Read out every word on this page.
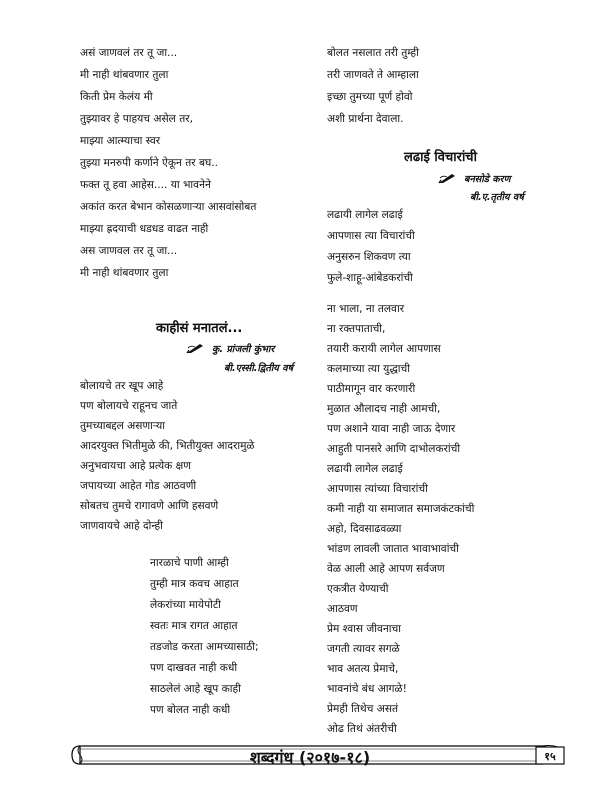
असं जाणवलं तर तू जा...
मी नाही थांबवणार तुला
किती प्रेम केलंय मी
तुझ्यावर हे पाहयच असेल तर,
माझ्या आत्म्याचा स्वर
तुझ्या मनरुपी कर्णाने ऐकून तर बघ..
फक्त तू हवा आहेस.... या भावनेने
अकांत करत बेभान कोसळणाऱ्या आसवांसोबत
माझ्या ह्रदयाची धडधड वाढत नाही
अस जाणवल तर तू जा...
मी नाही थांबवणार तुला
काहीसं मनातलं...
कु. प्रांजली कुंभार
बी.एस्सी.द्वितीय वर्ष
बोलायचे तर खूप आहे
पण बोलायचे राहूनच जाते
तुमच्याबद्दल असणाऱ्या
आदरयुक्त भितीमुळे की, भितीयुक्त आदरामुळे
अनुभवायचा आहे प्रत्येक क्षण
जपायच्या आहेत गोड आठवणी
सोबतच तुमचे रागावणे आणि हसवणे
जाणवायचे आहे दोन्ही
नारळाचे पाणी आम्ही
तुम्ही मात्र कवच आहात
लेकरांच्या मायेपोटी
स्वतः मात्र रागत आहात
तडजोड करता आमच्यासाठी;
पण दाखवत नाही कधी
साठलेलं आहे खूप काही
पण बोलत नाही कधी
बोलत नसलात तरी तुम्ही
तरी जाणवते ते आम्हाला
इच्छा तुमच्या पूर्ण होवो
अशी प्रार्थना देवाला.
लढाई विचारांची
बनसोडे करण
बी.ए.तृतीय वर्ष
लढायी लागेल लढाई
आपणास त्या विचारांची
अनुसरुन शिकवण त्या
फुले-शाहू-आंबेडकरांची
ना भाला, ना तलवार
ना रक्तपाताची,
तयारी करायी लागेल आपणास
कलमाच्या त्या युद्धाची
पाठीमागून वार करणारी
मुळात औलादच नाही आमची,
पण अशाने यावा नाही जाऊ देणार
आहुती पानसरे आणि दाभोलकरांची
लढायी लागेल लढाई
आपणास त्यांच्या विचारांची
कमी नाही या समाजात समाजकंटकांची
अहो, दिवसाढवळ्या
भांडण लावली जातात भावाभावांची
वेळ आली आहे आपण सर्वजण
एकत्रीत येण्याची
आठवण
प्रेम श्वास जीवनाचा
जगती त्यावर सगळे
भाव अतत्य प्रेमाचे,
भावनांचे बंध आगळे!
प्रेमही तिथेच असतं
ओढ तिथं अंतरीची
शब्दगंध (२०१७-१८)	१५
